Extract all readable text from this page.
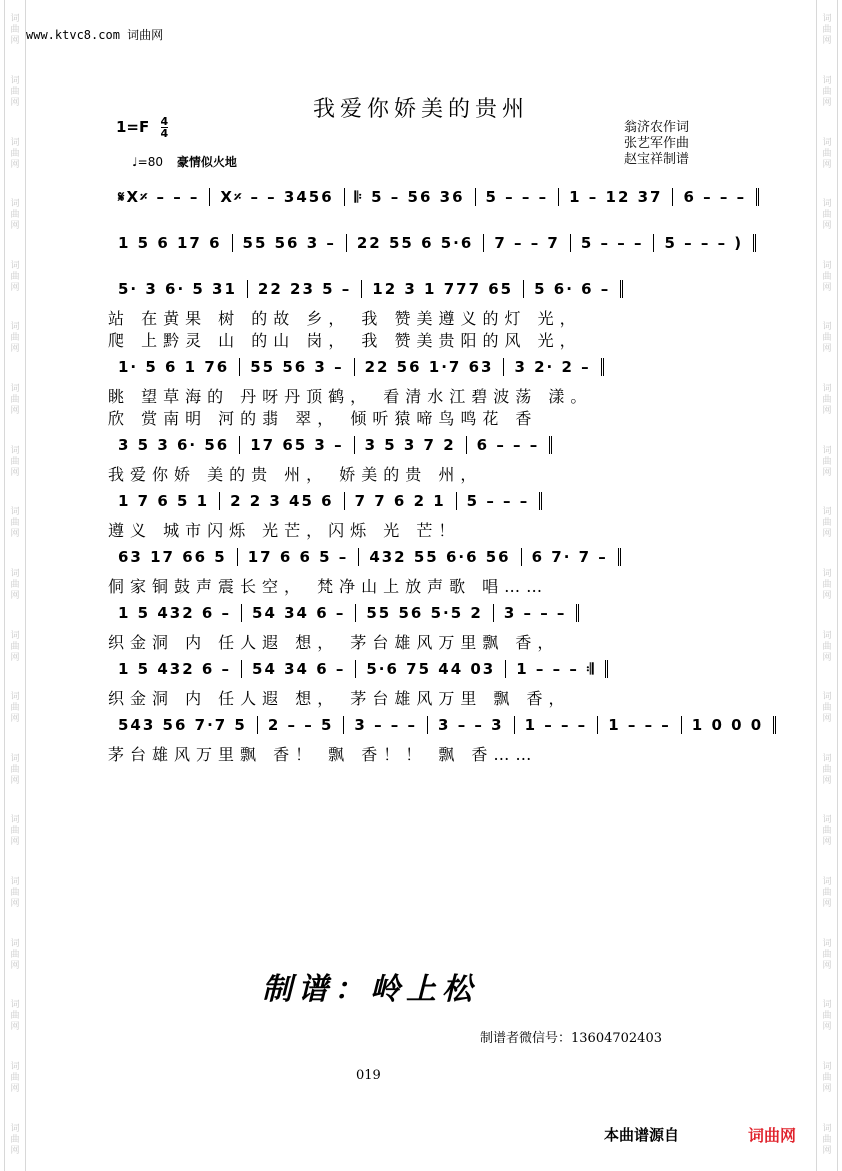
词曲网
词曲网
词曲网
词曲网
词曲网
词曲网
词曲网
词曲网
词曲网
词曲网
词曲网
词曲网
词曲网
词曲网
词曲网
词曲网
词曲网
词曲网
词曲网
词曲网
词曲网
词曲网
词曲网
词曲网
词曲网
词曲网
词曲网
词曲网
词曲网
词曲网
词曲网
词曲网
词曲网
词曲网
词曲网
词曲网
词曲网
词曲网
www.ktvc8.com 词曲网
我爱你娇美的贵州
$1=F \frac{4}{4}$	翁济农作词
张艺军作曲
赵宝祥制谱
♩=80 豪情似火地
𝄋X𝄎 – – –	X𝄎 – – 3456	𝄆 5 – 56 36	5 – – –	1 – 12 37	6 – – –
1 5 6 17 6	55 56 3 –	22 55 6 5·6	7 – – 7	5 – – –	5 – – – )
5· 3 6· 5 31	22 23 5 –	12 3 1 777 65	5 6· 6 –
站 在黄果 树 的故 乡， 我 赞美遵义的灯 光，
爬 上黔灵 山 的山 岗， 我 赞美贵阳的风 光，
1· 5 6 1 76	55 56 3 –	22 56 1·7 63	3 2· 2 –
眺 望草海的 丹呀丹顶鹤， 看清水江碧波荡 漾。
欣 赏南明 河的翡 翠， 倾听猿啼鸟鸣花 香
3 5 3 6· 56	17 65 3 –	3 5 3 7 2	6 – – –
我爱你娇 美的贵 州， 娇美的贵 州，
1 7 6 5 1	2 2 3 45 6	7 7 6 2 1	5 – – –
遵义 城市闪烁 光芒，闪烁 光 芒！
63 17 66 5	17 6 6 5 –	432 55 6·6 56	6 7· 7 –
侗家铜鼓声震长空， 梵净山上放声歌 唱……
1 5 432 6 –	54 34 6 –	55 56 5·5 2	3 – – –
织金洞 内 任人遐 想， 茅台雄风万里飘 香，
1 5 432 6 –	54 34 6 –	5·6 75 44 03	1 – – – 𝄇
织金洞 内 任人遐 想， 茅台雄风万里 飘 香，
543 56 7·7 5	2 – – 5	3 – – –	3 – – 3	1 – – –	1 – – –	1 0 0 0
茅台雄风万里飘 香！ 飘 香！！ 飘 香……
制谱：岭上松
制谱者微信号：13604702403
019
本曲谱源自	词曲网
